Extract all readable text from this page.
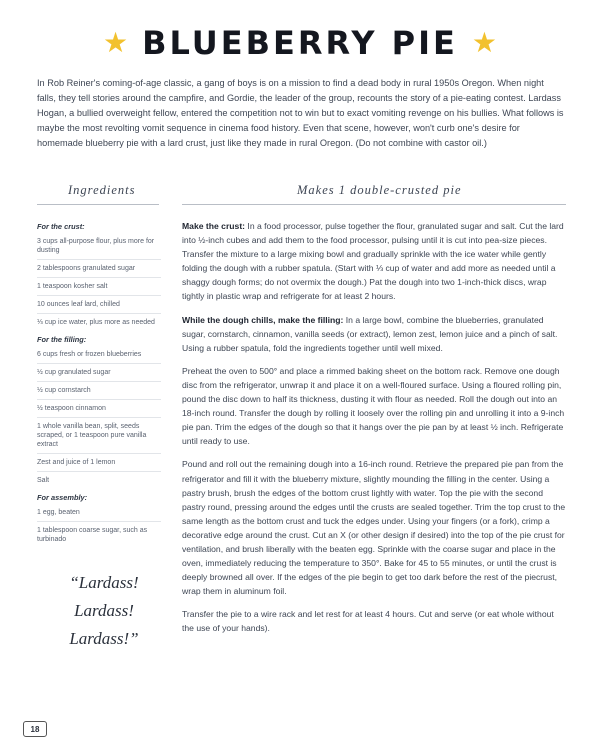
★ BLUEBERRY PIE ★

In Rob Reiner's coming-of-age classic, a gang of boys is on a mission to find a dead body in rural 1950s Oregon. When night falls, they tell stories around the campfire, and Gordie, the leader of the group, recounts the story of a pie-eating contest. Lardass Hogan, a bullied overweight fellow, entered the competition not to win but to exact vomiting revenge on his bullies. What follows is maybe the most revolting vomit sequence in cinema food history. Even that scene, however, won't curb one's desire for homemade blueberry pie with a lard crust, just like they made in rural Oregon. (Do not combine with castor oil.)

Ingredients	Makes 1 double-crusted pie
For the crust:
3 cups all-purpose flour, plus more for dusting
2 tablespoons granulated sugar
1 teaspoon kosher salt
10 ounces leaf lard, chilled
⅓ cup ice water, plus more as needed
For the filling:
6 cups fresh or frozen blueberries
½ cup granulated sugar
½ cup cornstarch
½ teaspoon cinnamon
1 whole vanilla bean, split, seeds scraped, or 1 teaspoon pure vanilla extract
Zest and juice of 1 lemon
Salt
For assembly:
1 egg, beaten
1 tablespoon coarse sugar, such as turbinado
“Lardass!
Lardass!
Lardass!”

Make the crust: In a food processor, pulse together the flour, granulated sugar and salt. Cut the lard into ½-inch cubes and add them to the food processor, pulsing until it is cut into pea-size pieces. Transfer the mixture to a large mixing bowl and gradually sprinkle with the ice water while gently folding the dough with a rubber spatula. (Start with ⅓ cup of water and add more as needed until a shaggy dough forms; do not overmix the dough.) Pat the dough into two 1-inch-thick discs, wrap tightly in plastic wrap and refrigerate for at least 2 hours.

While the dough chills, make the filling: In a large bowl, combine the blueberries, granulated sugar, cornstarch, cinnamon, vanilla seeds (or extract), lemon zest, lemon juice and a pinch of salt. Using a rubber spatula, fold the ingredients together until well mixed.

Preheat the oven to 500° and place a rimmed baking sheet on the bottom rack. Remove one dough disc from the refrigerator, unwrap it and place it on a well-floured surface. Using a floured rolling pin, pound the disc down to half its thickness, dusting it with flour as needed. Roll the dough out into an 18-inch round. Transfer the dough by rolling it loosely over the rolling pin and unrolling it into a 9-inch pie pan. Trim the edges of the dough so that it hangs over the pie pan by at least ½ inch. Refrigerate until ready to use.

Pound and roll out the remaining dough into a 16-inch round. Retrieve the prepared pie pan from the refrigerator and fill it with the blueberry mixture, slightly mounding the filling in the center. Using a pastry brush, brush the edges of the bottom crust lightly with water. Top the pie with the second pastry round, pressing around the edges until the crusts are sealed together. Trim the top crust to the same length as the bottom crust and tuck the edges under. Using your fingers (or a fork), crimp a decorative edge around the crust. Cut an X (or other design if desired) into the top of the pie crust for ventilation, and brush liberally with the beaten egg. Sprinkle with the coarse sugar and place in the oven, immediately reducing the temperature to 350°. Bake for 45 to 55 minutes, or until the crust is deeply browned all over. If the edges of the pie begin to get too dark before the rest of the piecrust, wrap them in aluminum foil.

Transfer the pie to a wire rack and let rest for at least 4 hours. Cut and serve (or eat whole without the use of your hands).

18
